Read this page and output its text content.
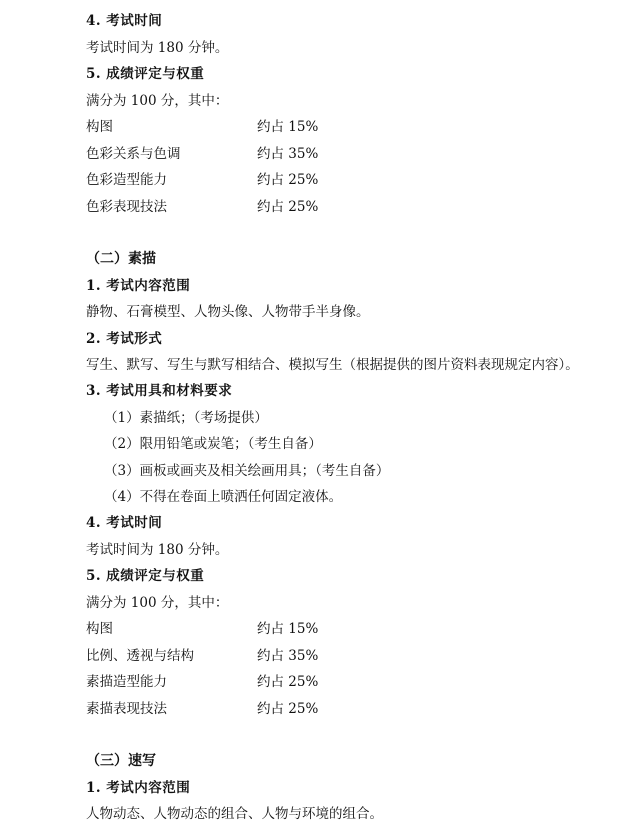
4. 考试时间
考试时间为 180 分钟。
5. 成绩评定与权重
满分为 100 分，其中：
构图	约占 15%
色彩关系与色调	约占 35%
色彩造型能力	约占 25%
色彩表现技法	约占 25%
（二）素描
1. 考试内容范围
静物、石膏模型、人物头像、人物带手半身像。
2. 考试形式
写生、默写、写生与默写相结合、模拟写生（根据提供的图片资料表现规定内容）。
3. 考试用具和材料要求
（1）素描纸；（考场提供）
（2）限用铅笔或炭笔；（考生自备）
（3）画板或画夹及相关绘画用具；（考生自备）
（4）不得在卷面上喷洒任何固定液体。
4. 考试时间
考试时间为 180 分钟。
5. 成绩评定与权重
满分为 100 分，其中：
构图	约占 15%
比例、透视与结构	约占 35%
素描造型能力	约占 25%
素描表现技法	约占 25%
（三）速写
1. 考试内容范围
人物动态、人物动态的组合、人物与环境的组合。
